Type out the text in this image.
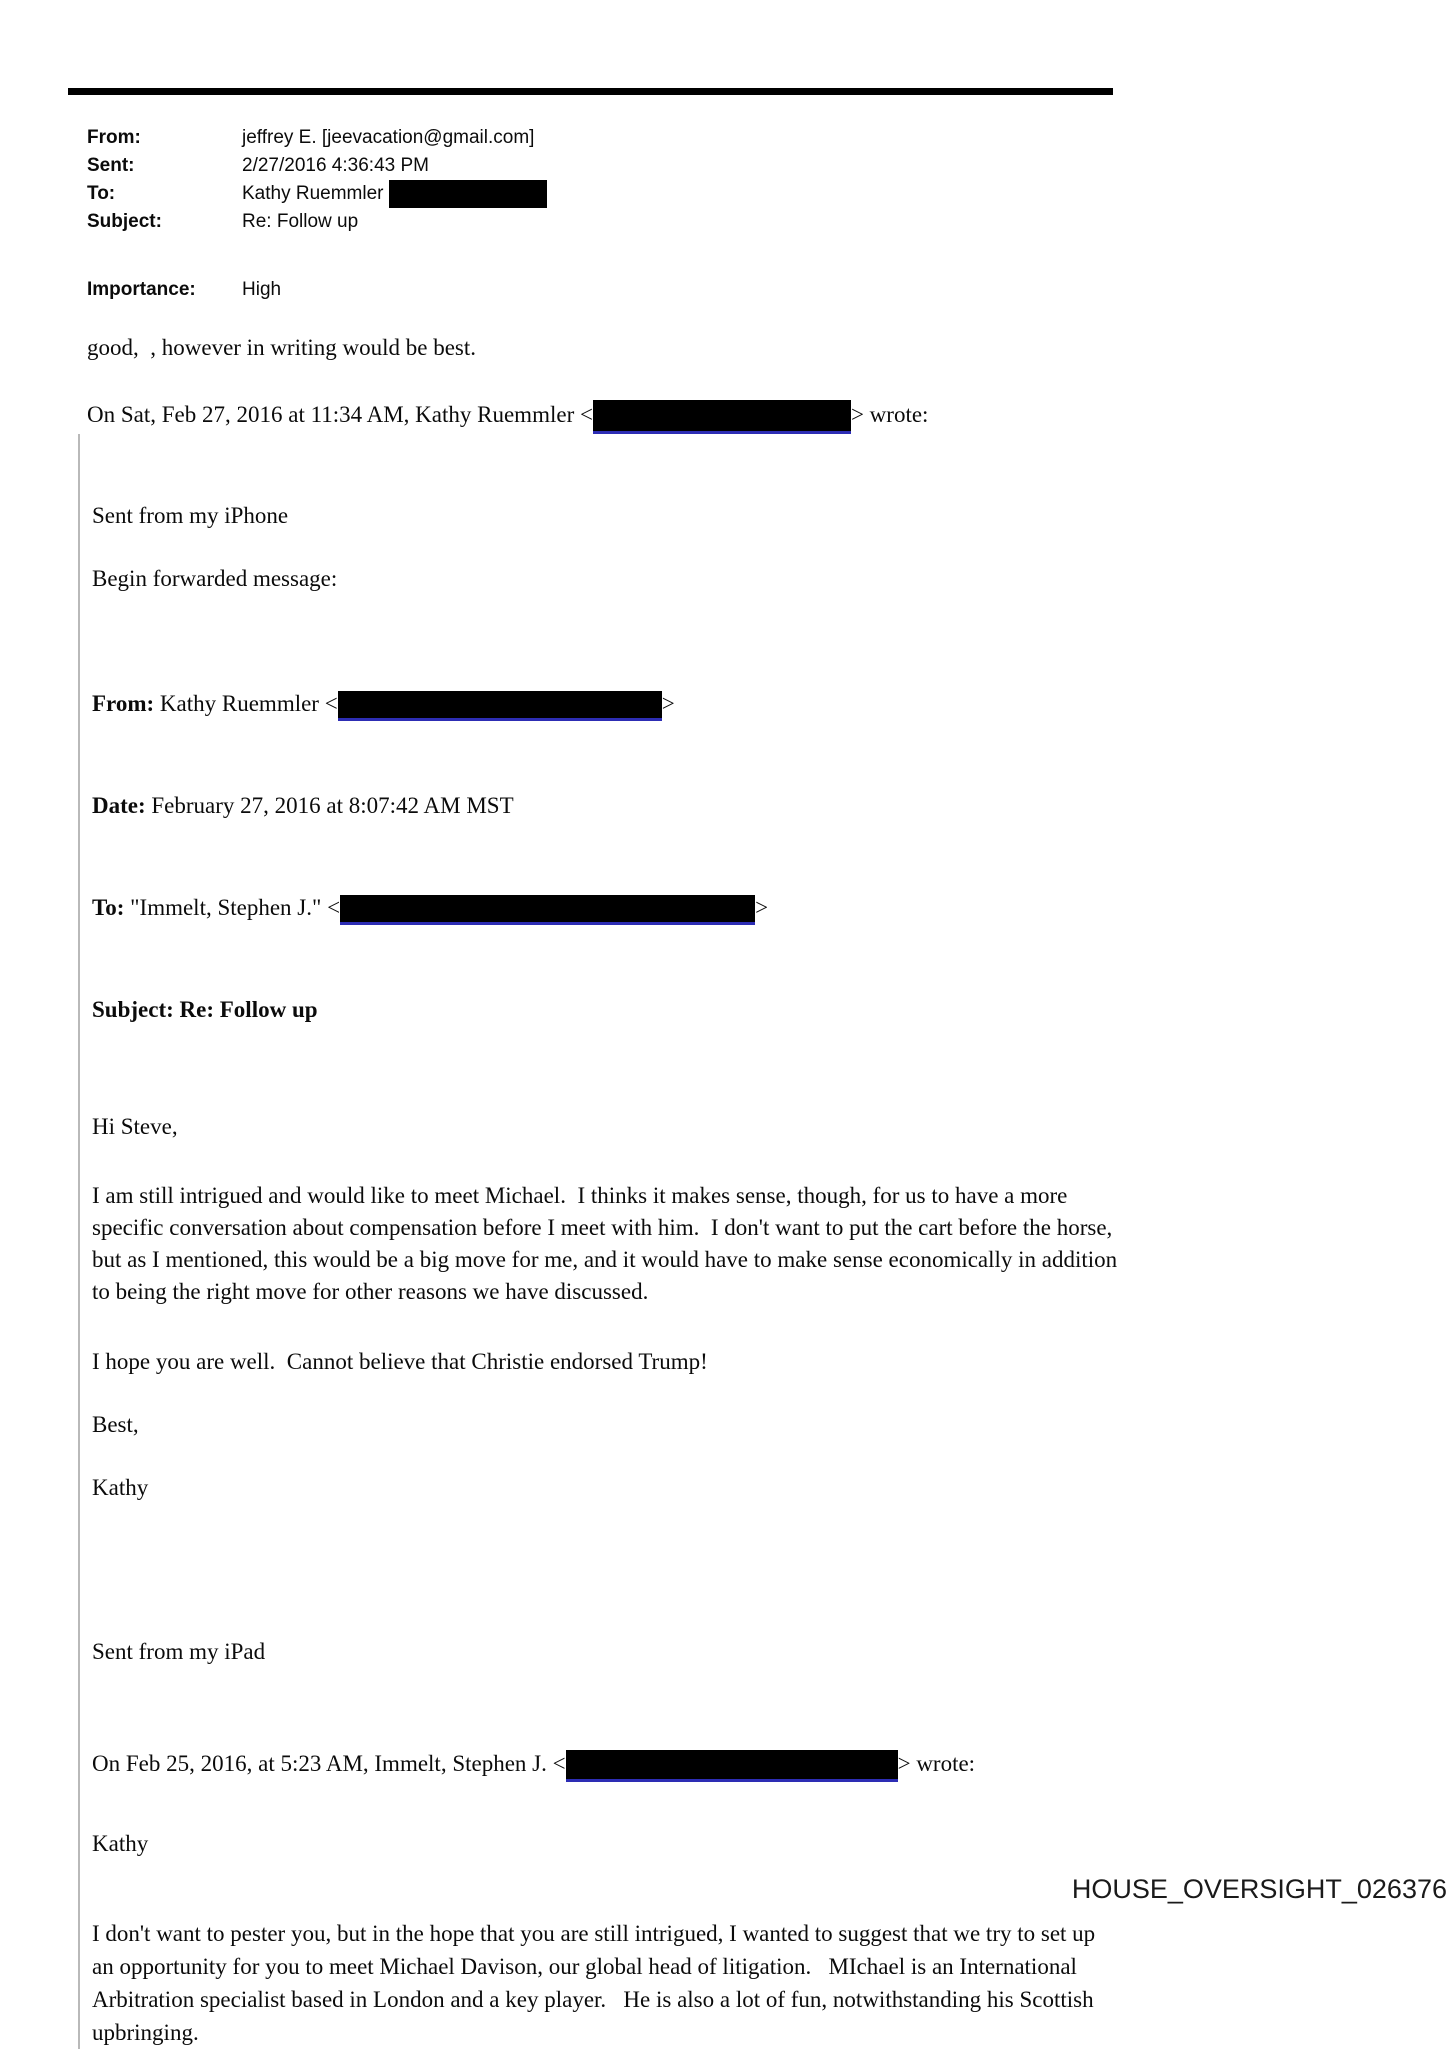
From:	jeffrey E. [jeevacation@gmail.com]
Sent:	2/27/2016 4:36:43 PM
To:	Kathy Ruemmler
Subject:	Re: Follow up
Importance:	High
good,  , however in writing would be best.
On Sat, Feb 27, 2016 at 11:34 AM, Kathy Ruemmler <	> wrote:
Sent from my iPhone
Begin forwarded message:

From: Kathy Ruemmler <	>

Date: February 27, 2016 at 8:07:42 AM MST

To: "Immelt, Stephen J." <	>

Subject: Re: Follow up

Hi Steve,
I am still intrigued and would like to meet Michael.  I thinks it makes sense, though, for us to have a more
specific conversation about compensation before I meet with him.  I don't want to put the cart before the horse,
but as I mentioned, this would be a big move for me, and it would have to make sense economically in addition
to being the right move for other reasons we have discussed.
I hope you are well.  Cannot believe that Christie endorsed Trump!
Best,
Kathy
Sent from my iPad
On Feb 25, 2016, at 5:23 AM, Immelt, Stephen J. <	> wrote:
Kathy
I don't want to pester you, but in the hope that you are still intrigued, I wanted to suggest that we try to set up
an opportunity for you to meet Michael Davison, our global head of litigation.   MIchael is an International
Arbitration specialist based in London and a key player.   He is also a lot of fun, notwithstanding his Scottish
upbringing.
HOUSE_OVERSIGHT_026376
